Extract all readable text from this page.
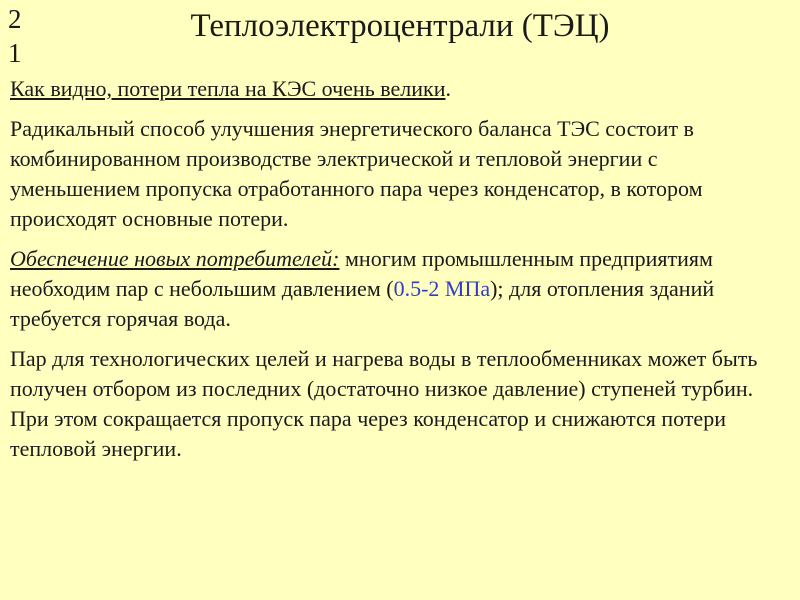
21
Теплоэлектроцентрали (ТЭЦ)

Как видно, потери тепла на КЭС очень велики.

Радикальный способ улучшения энергетического баланса ТЭС состоит в комбинированном производстве электрической и тепловой энергии с уменьшением пропуска отработанного пара через конденсатор, в котором происходят основные потери.

Обеспечение новых потребителей: многим промышленным предприятиям необходим пар с небольшим давлением (0.5-2 МПа); для отопления зданий требуется горячая вода.

Пар для технологических целей и нагрева воды в теплообменниках может быть получен отбором из последних (достаточно низкое давление) ступеней турбин. При этом сокращается пропуск пара через конденсатор и снижаются потери тепловой энергии.
